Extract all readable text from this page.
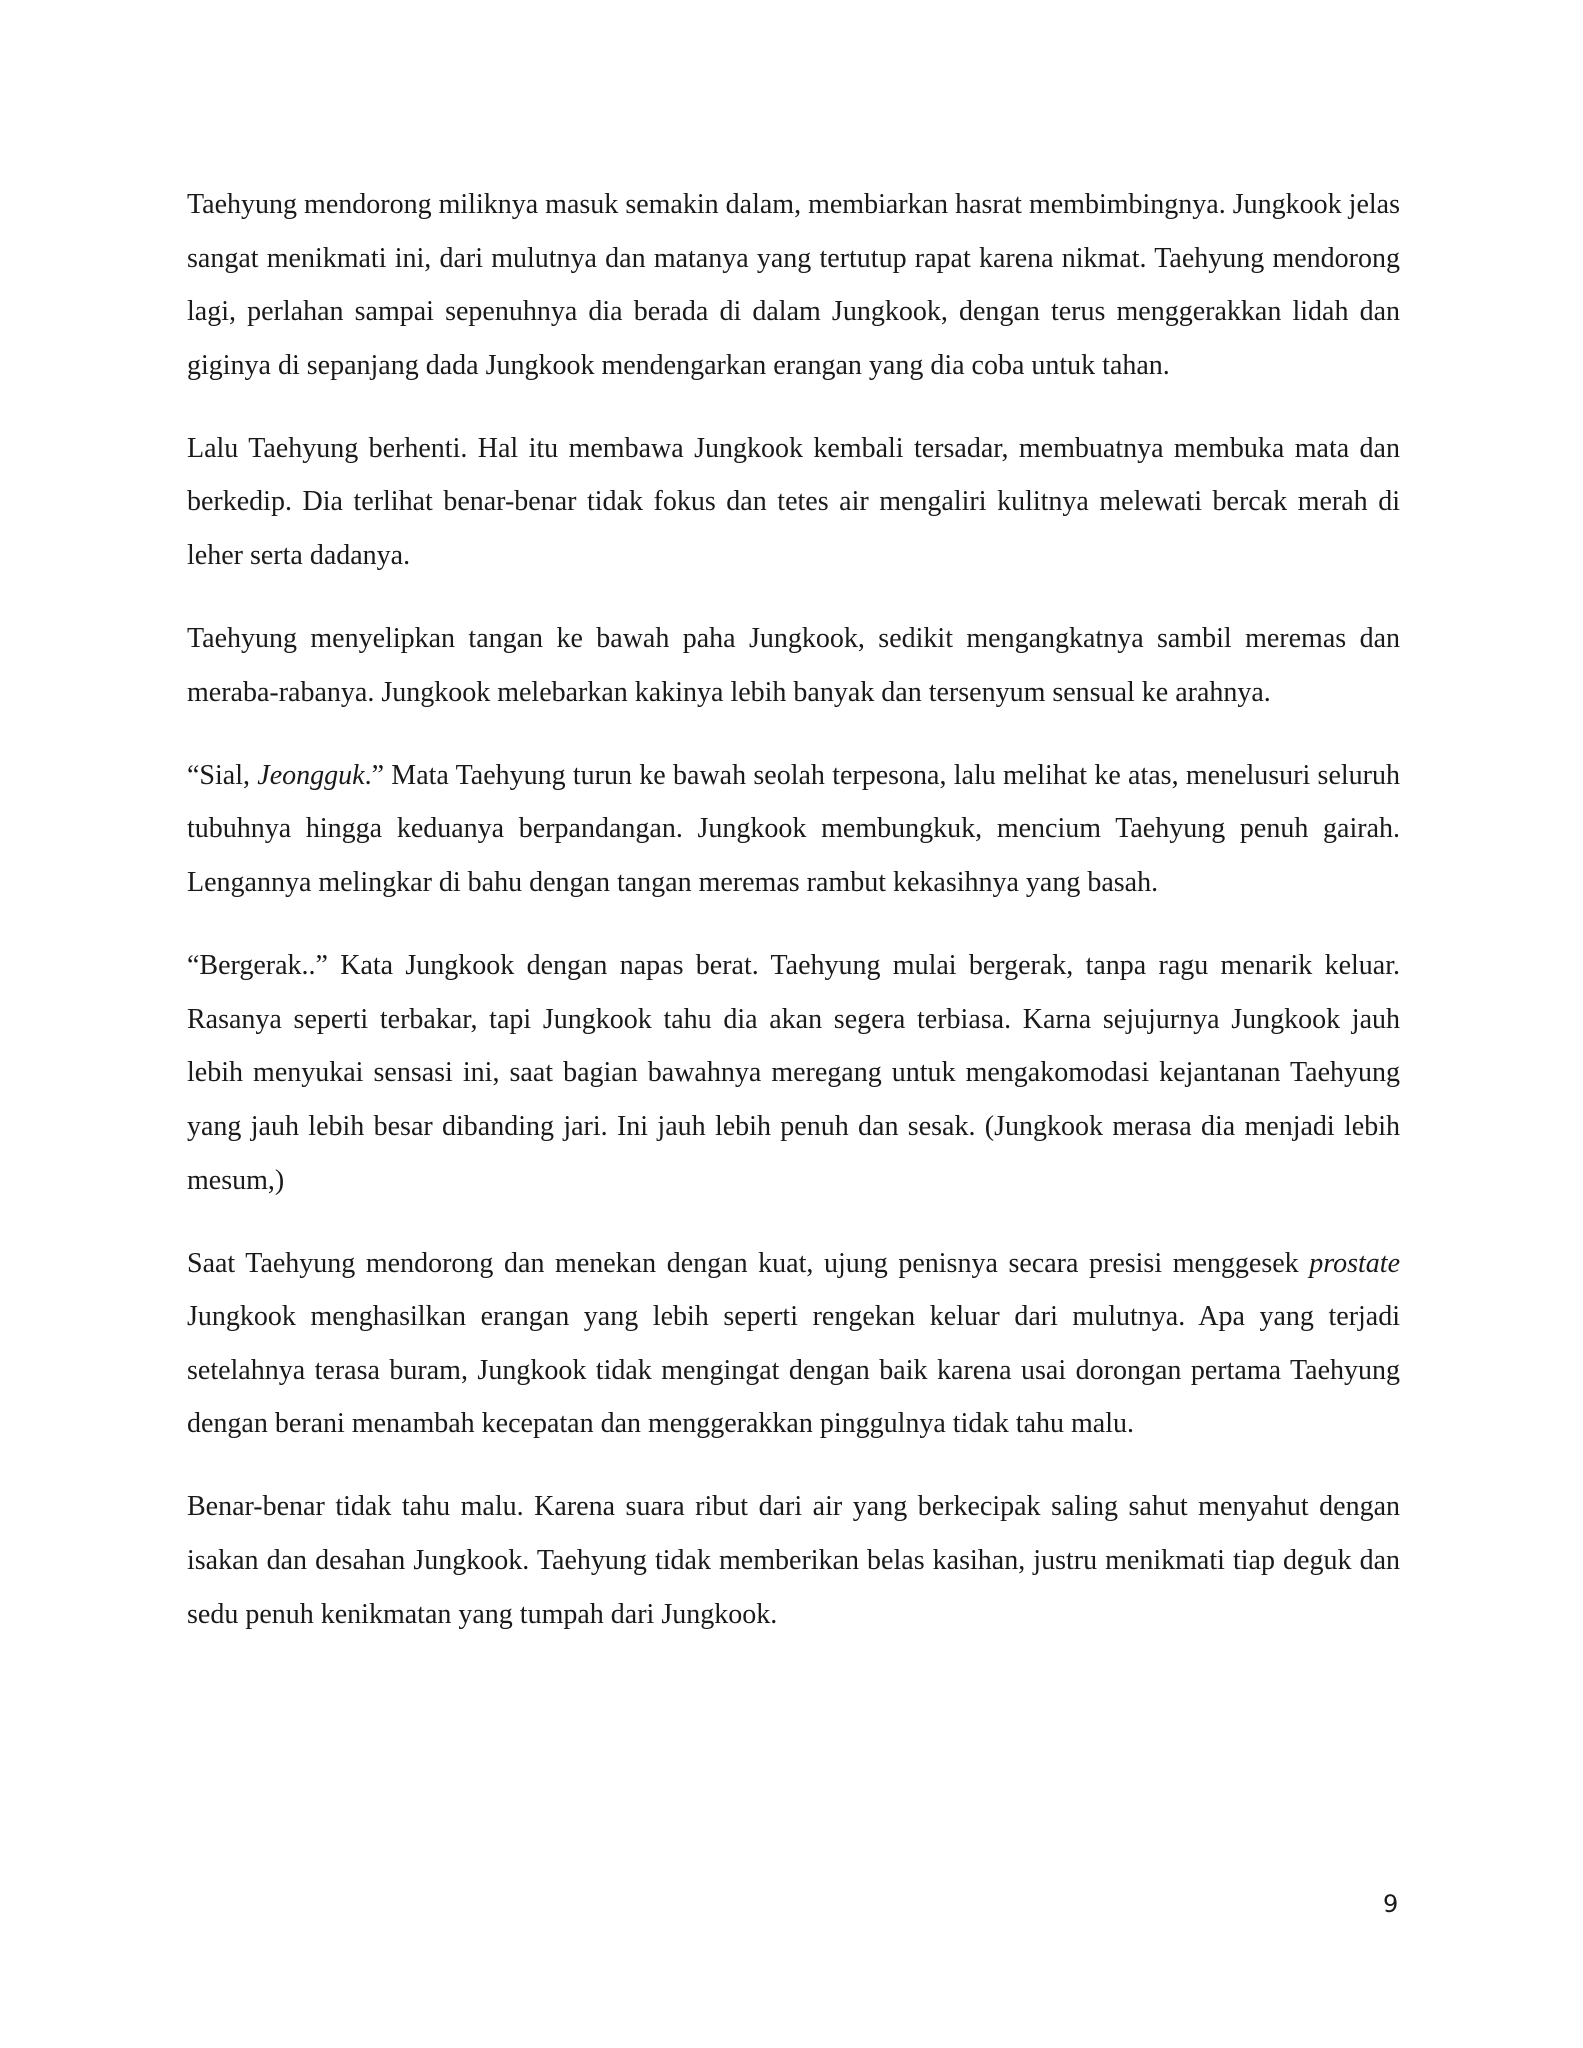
Taehyung mendorong miliknya masuk semakin dalam, membiarkan hasrat membimbingnya. Jungkook jelas sangat menikmati ini, dari mulutnya dan matanya yang tertutup rapat karena nikmat. Taehyung mendorong lagi, perlahan sampai sepenuhnya dia berada di dalam Jungkook, dengan terus menggerakkan lidah dan giginya di sepanjang dada Jungkook mendengarkan erangan yang dia coba untuk tahan.

Lalu Taehyung berhenti. Hal itu membawa Jungkook kembali tersadar, membuatnya membuka mata dan berkedip. Dia terlihat benar-benar tidak fokus dan tetes air mengaliri kulitnya melewati bercak merah di leher serta dadanya.

Taehyung menyelipkan tangan ke bawah paha Jungkook, sedikit mengangkatnya sambil meremas dan meraba-rabanya. Jungkook melebarkan kakinya lebih banyak dan tersenyum sensual ke arahnya.

“Sial, Jeongguk.” Mata Taehyung turun ke bawah seolah terpesona, lalu melihat ke atas, menelusuri seluruh tubuhnya hingga keduanya berpandangan. Jungkook membungkuk, mencium Taehyung penuh gairah. Lengannya melingkar di bahu dengan tangan meremas rambut kekasihnya yang basah.

“Bergerak..” Kata Jungkook dengan napas berat. Taehyung mulai bergerak, tanpa ragu menarik keluar. Rasanya seperti terbakar, tapi Jungkook tahu dia akan segera terbiasa. Karna sejujurnya Jungkook jauh lebih menyukai sensasi ini, saat bagian bawahnya meregang untuk mengakomodasi kejantanan Taehyung yang jauh lebih besar dibanding jari. Ini jauh lebih penuh dan sesak. (Jungkook merasa dia menjadi lebih mesum,)

Saat Taehyung mendorong dan menekan dengan kuat, ujung penisnya secara presisi menggesek prostate Jungkook menghasilkan erangan yang lebih seperti rengekan keluar dari mulutnya. Apa yang terjadi setelahnya terasa buram, Jungkook tidak mengingat dengan baik karena usai dorongan pertama Taehyung dengan berani menambah kecepatan dan menggerakkan pinggulnya tidak tahu malu.

Benar-benar tidak tahu malu. Karena suara ribut dari air yang berkecipak saling sahut menyahut dengan isakan dan desahan Jungkook. Taehyung tidak memberikan belas kasihan, justru menikmati tiap deguk dan sedu penuh kenikmatan yang tumpah dari Jungkook.

9
